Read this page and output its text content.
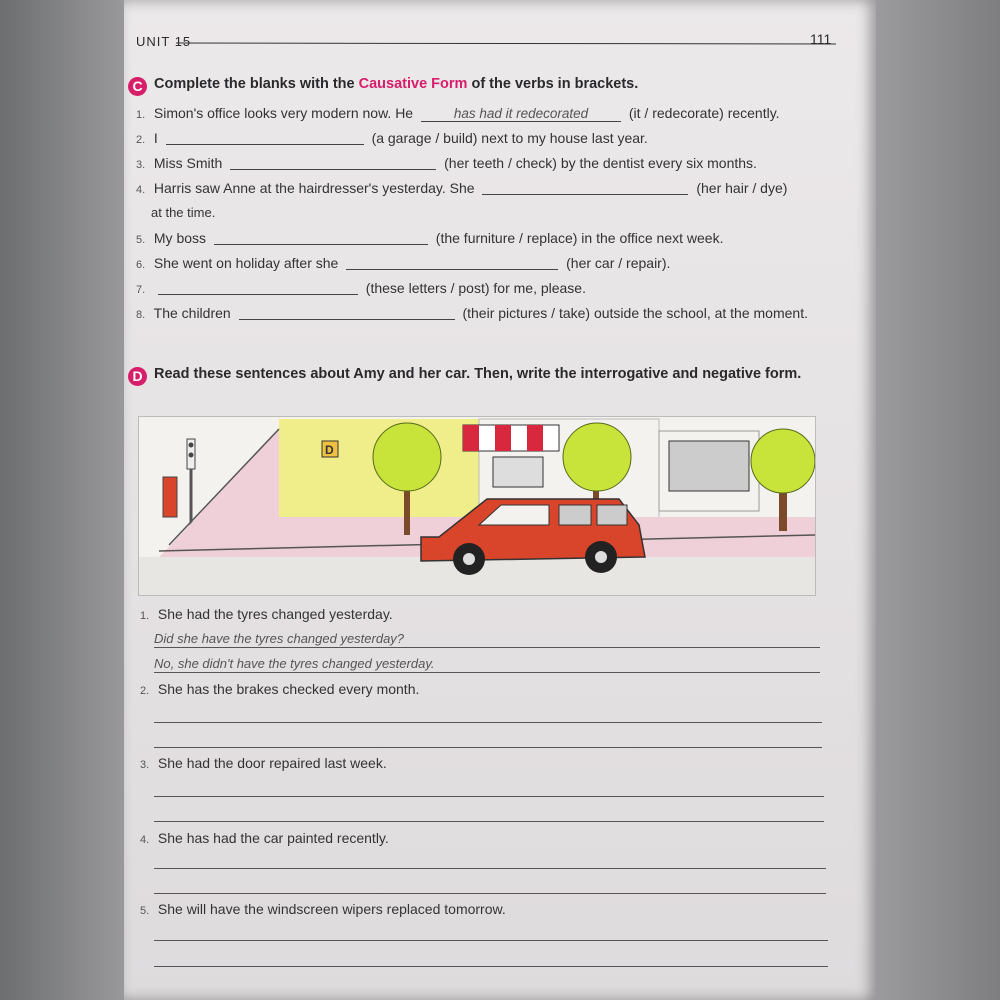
UNIT 15	111
C Complete the blanks with the Causative Form of the verbs in brackets.
1. Simon's office looks very modern now. He	has had it redecorated	(it / redecorate) recently.
2. I	(a garage / build) next to my house last year.
3. Miss Smith	(her teeth / check) by the dentist every six months.
4. Harris saw Anne at the hairdresser's yesterday. She	(her hair / dye)
at the time.
5. My boss	(the furniture / replace) in the office next week.
6. She went on holiday after she	(her car / repair).
7.	(these letters / post) for me, please.
8. The children	(their pictures / take) outside the school, at the moment.
D Read these sentences about Amy and her car. Then, write the interrogative and negative form.
D
1. She had the tyres changed yesterday.
Did she have the tyres changed yesterday?
No, she didn't have the tyres changed yesterday.
2. She has the brakes checked every month.
3. She had the door repaired last week.
4. She has had the car painted recently.
5. She will have the windscreen wipers replaced tomorrow.
